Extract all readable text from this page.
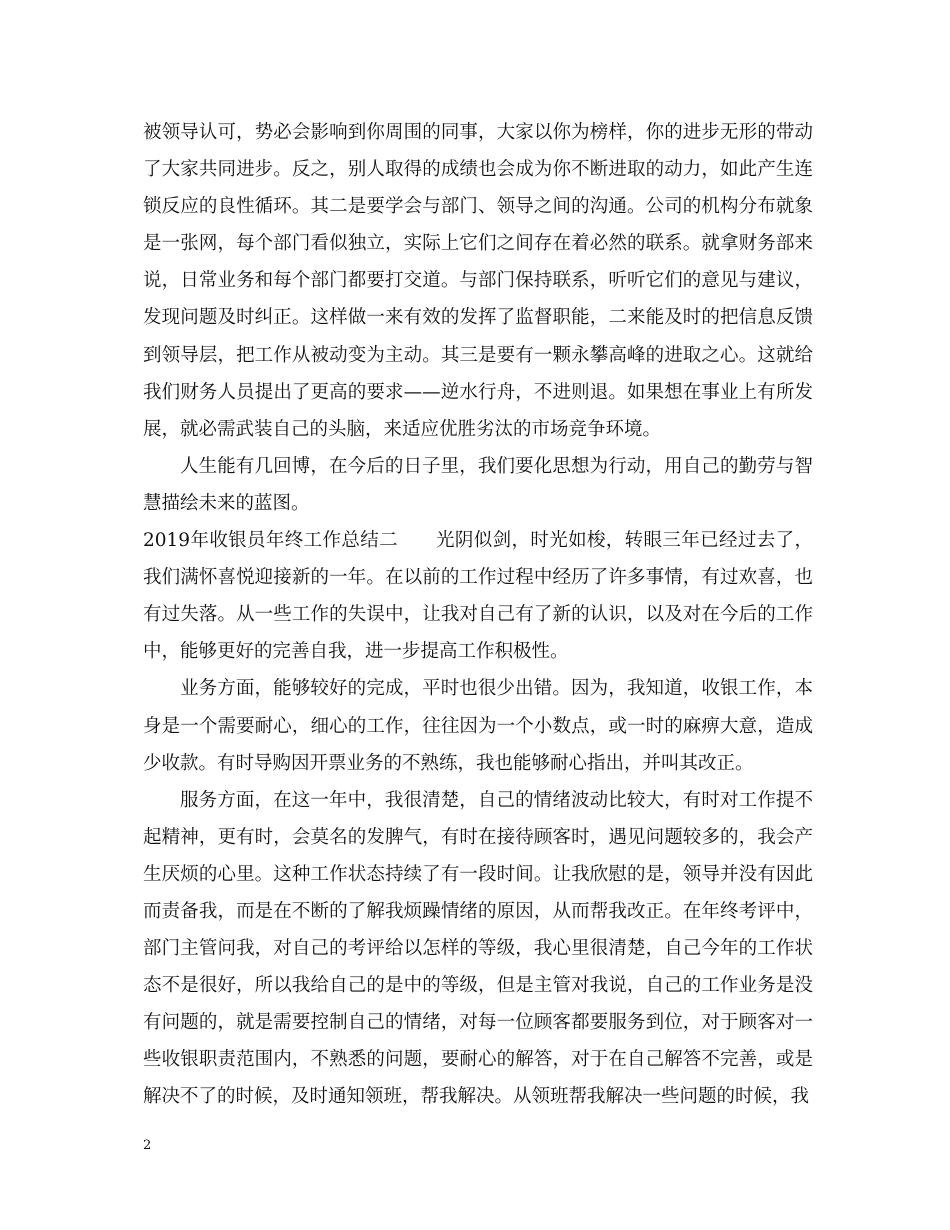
被领导认可，势必会影响到你周围的同事，大家以你为榜样，你的进步无形的带动了大家共同进步。反之，别人取得的成绩也会成为你不断进取的动力，如此产生连锁反应的良性循环。其二是要学会与部门、领导之间的沟通。公司的机构分布就象是一张网，每个部门看似独立，实际上它们之间存在着必然的联系。就拿财务部来说，日常业务和每个部门都要打交道。与部门保持联系，听听它们的意见与建议，发现问题及时纠正。这样做一来有效的发挥了监督职能，二来能及时的把信息反馈到领导层，把工作从被动变为主动。其三是要有一颗永攀高峰的进取之心。这就给我们财务人员提出了更高的要求——逆水行舟，不进则退。如果想在事业上有所发展，就必需武装自己的头脑，来适应优胜劣汰的市场竞争环境。

人生能有几回博，在今后的日子里，我们要化思想为行动，用自己的勤劳与智慧描绘未来的蓝图。

2019年收银员年终工作总结二 光阴似剑，时光如梭，转眼三年已经过去了，我们满怀喜悦迎接新的一年。在以前的工作过程中经历了许多事情，有过欢喜，也有过失落。从一些工作的失误中，让我对自己有了新的认识，以及对在今后的工作中，能够更好的完善自我，进一步提高工作积极性。

业务方面，能够较好的完成，平时也很少出错。因为，我知道，收银工作，本身是一个需要耐心，细心的工作，往往因为一个小数点，或一时的麻痹大意，造成少收款。有时导购因开票业务的不熟练，我也能够耐心指出，并叫其改正。

服务方面，在这一年中，我很清楚，自己的情绪波动比较大，有时对工作提不起精神，更有时，会莫名的发脾气，有时在接待顾客时，遇见问题较多的，我会产生厌烦的心里。这种工作状态持续了有一段时间。让我欣慰的是，领导并没有因此而责备我，而是在不断的了解我烦躁情绪的原因，从而帮我改正。在年终考评中，部门主管问我，对自己的考评给以怎样的等级，我心里很清楚，自己今年的工作状态不是很好，所以我给自己的是中的等级，但是主管对我说，自己的工作业务是没有问题的，就是需要控制自己的情绪，对每一位顾客都要服务到位，对于顾客对一些收银职责范围内，不熟悉的问题，要耐心的解答，对于在自己解答不完善，或是解决不了的时候，及时通知领班，帮我解决。从领班帮我解决一些问题的时候，我

2
